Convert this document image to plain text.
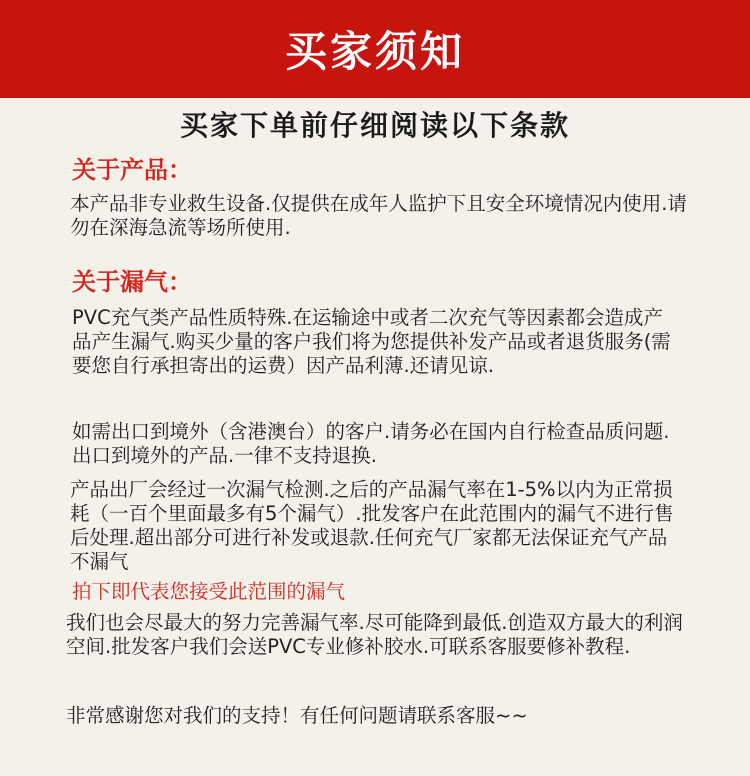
买家须知
买家下单前仔细阅读以下条款
关于产品：
本产品非专业救生设备.仅提供在成年人监护下且安全环境情况内使用.请勿在深海急流等场所使用.
关于漏气：
PVC充气类产品性质特殊.在运输途中或者二次充气等因素都会造成产品产生漏气.购买少量的客户我们将为您提供补发产品或者退货服务(需要您自行承担寄出的运费）因产品利薄.还请见谅.
如需出口到境外（含港澳台）的客户.请务必在国内自行检查品质问题.出口到境外的产品.一律不支持退换.
产品出厂会经过一次漏气检测.之后的产品漏气率在1-5%以内为正常损耗（一百个里面最多有5个漏气）.批发客户在此范围内的漏气不进行售后处理.超出部分可进行补发或退款.任何充气厂家都无法保证充气产品不漏气
拍下即代表您接受此范围的漏气
我们也会尽最大的努力完善漏气率.尽可能降到最低.创造双方最大的利润空间.批发客户我们会送PVC专业修补胶水.可联系客服要修补教程.
非常感谢您对我们的支持！有任何问题请联系客服~~
